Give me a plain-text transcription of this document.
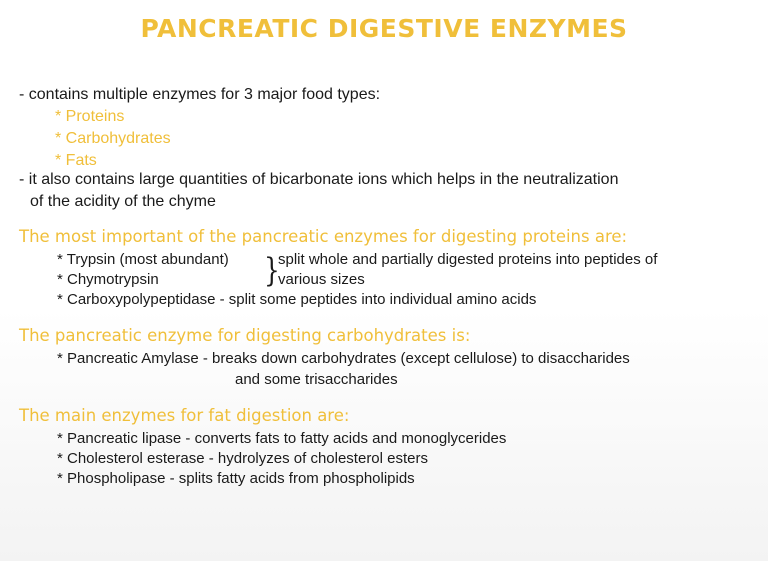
PANCREATIC DIGESTIVE ENZYMES
- contains multiple enzymes for 3 major food types:
* Proteins
* Carbohydrates
* Fats
- it also contains large quantities of bicarbonate ions which helps in the neutralization
of the acidity of the chyme
The most important of the pancreatic enzymes for digesting proteins are:
* Trypsin (most abundant)
* Chymotrypsin	}
split whole and partially digested proteins into peptides of
various sizes
* Carboxypolypeptidase - split some peptides into individual amino acids
The pancreatic enzyme for digesting carbohydrates is:
* Pancreatic Amylase - breaks down carbohydrates (except cellulose) to disaccharides
and some trisaccharides
The main enzymes for fat digestion are:
* Pancreatic lipase - converts fats to fatty acids and monoglycerides
* Cholesterol esterase - hydrolyzes of cholesterol esters
* Phospholipase - splits fatty acids from phospholipids
